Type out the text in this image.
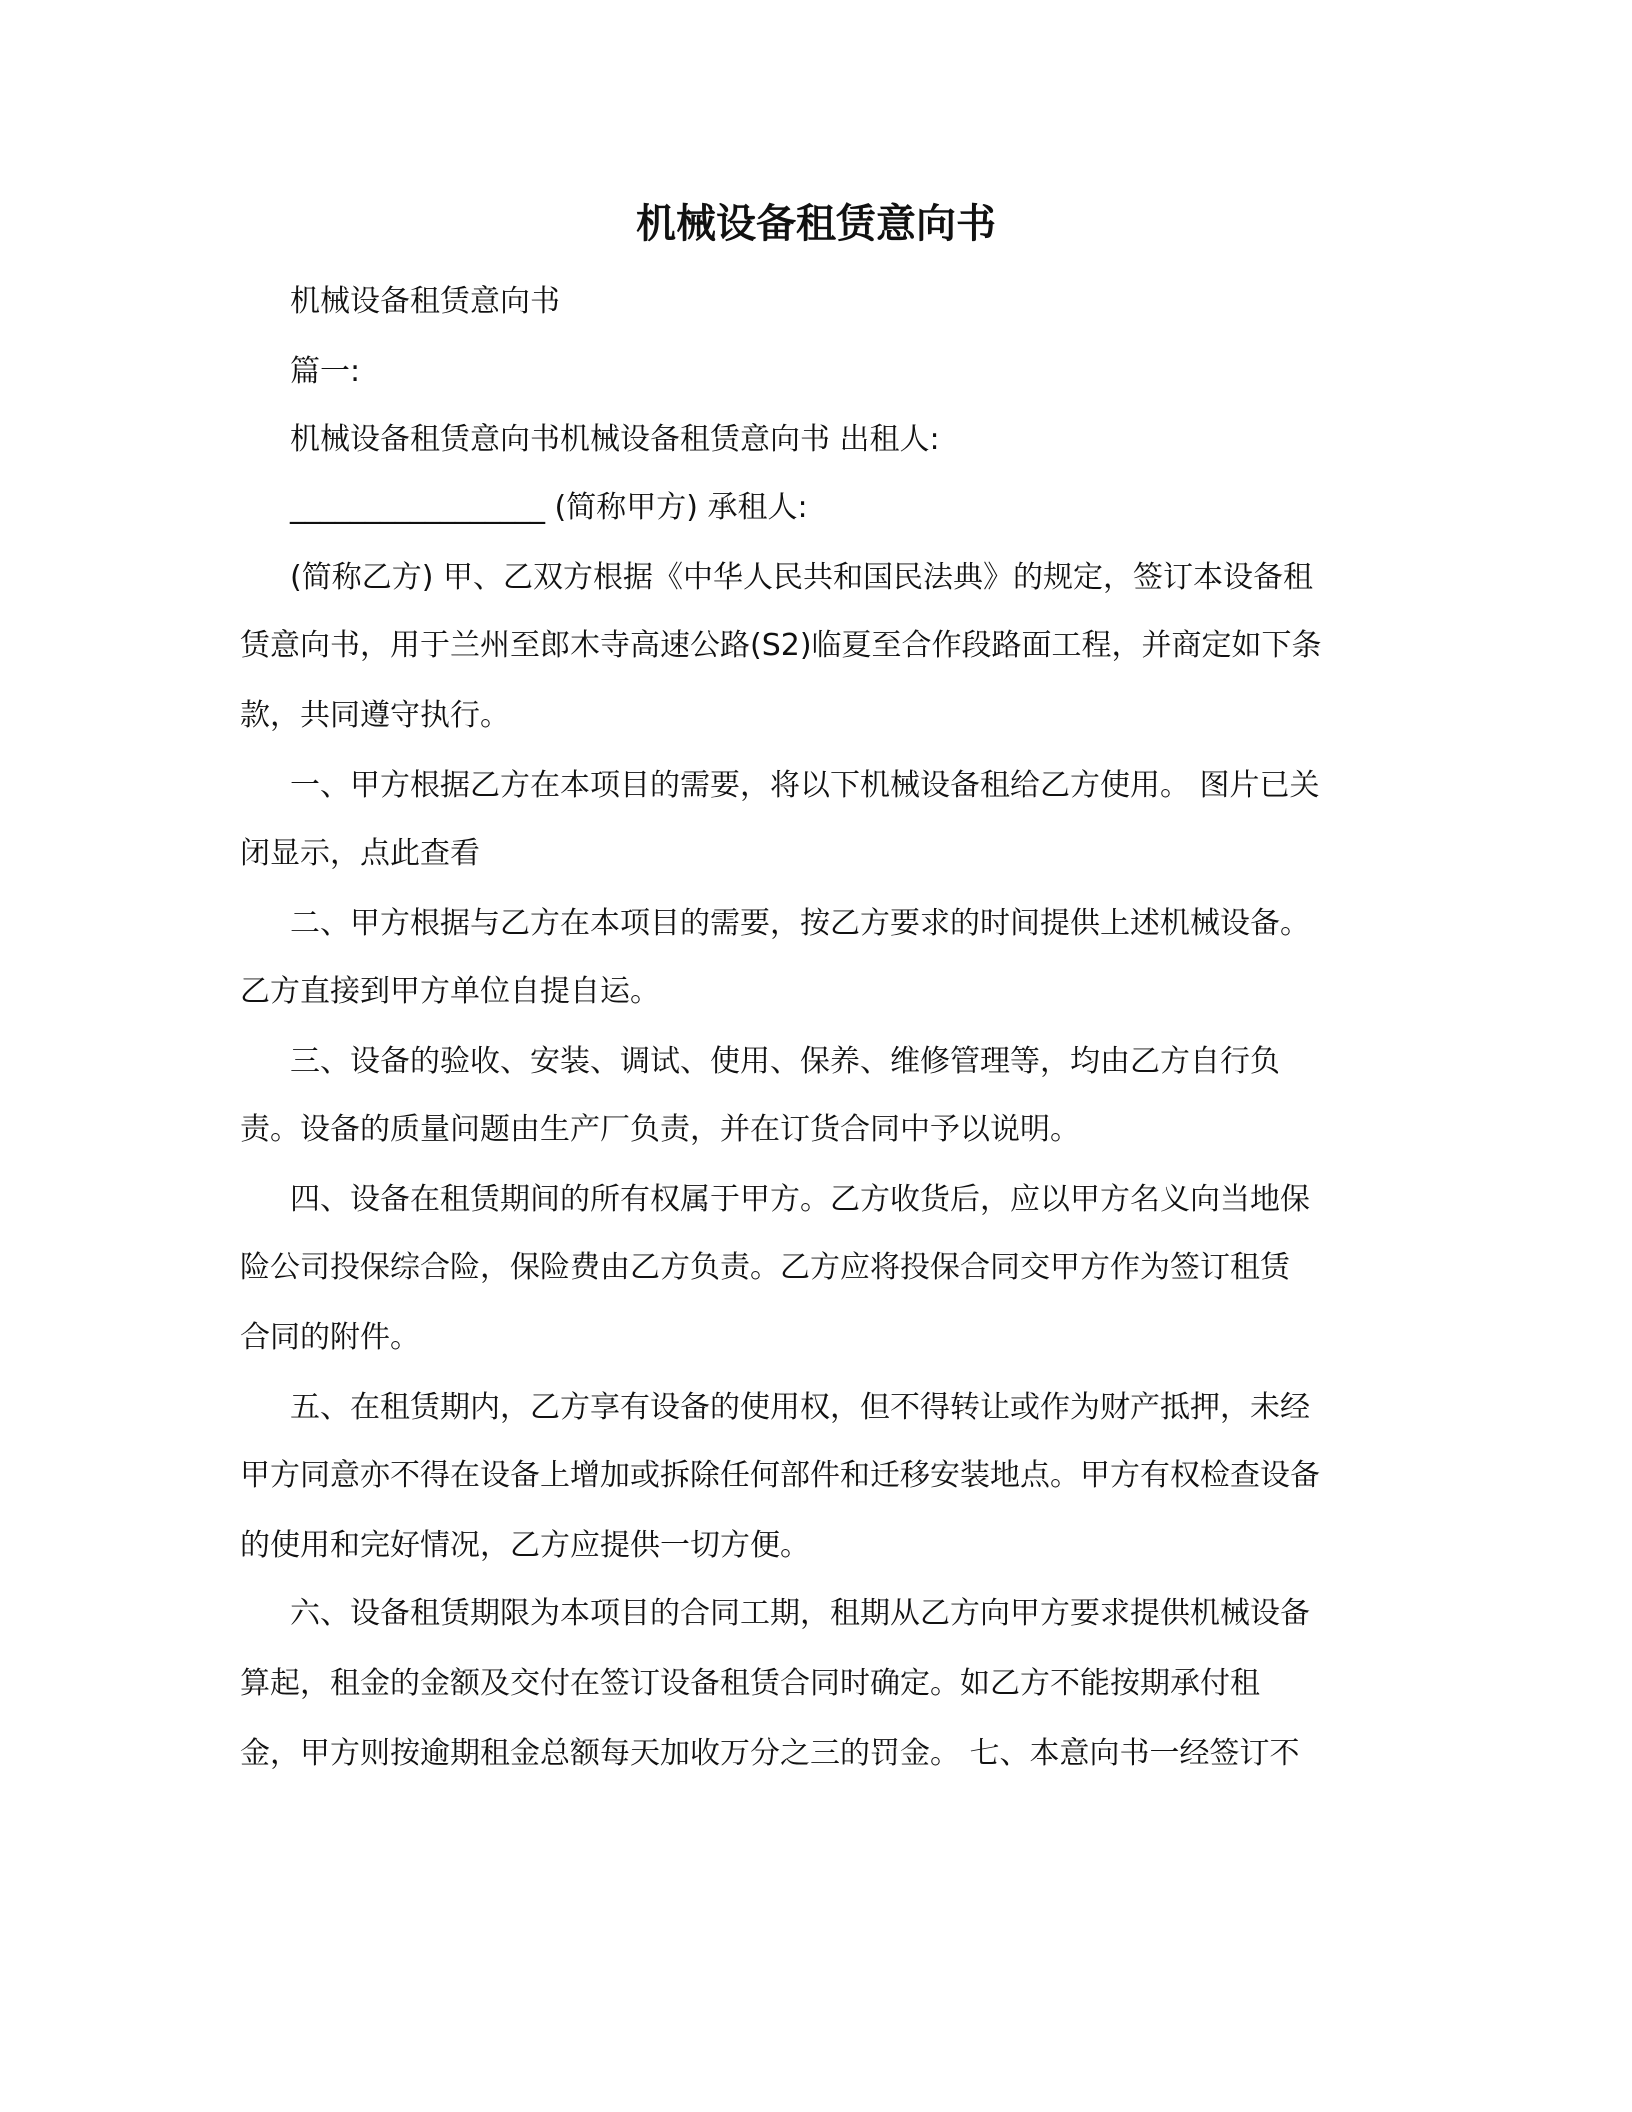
机械设备租赁意向书
机械设备租赁意向书
篇一:
机械设备租赁意向书机械设备租赁意向书 出租人:
_________________ (简称甲方) 承租人:
(简称乙方) 甲、乙双方根据《中华人民共和国民法典》的规定，签订本设备租
赁意向书，用于兰州至郎木寺高速公路(S2)临夏至合作段路面工程，并商定如下条
款，共同遵守执行。
一、甲方根据乙方在本项目的需要，将以下机械设备租给乙方使用。 图片已关
闭显示，点此查看
二、甲方根据与乙方在本项目的需要，按乙方要求的时间提供上述机械设备。
乙方直接到甲方单位自提自运。
三、设备的验收、安装、调试、使用、保养、维修管理等，均由乙方自行负
责。设备的质量问题由生产厂负责，并在订货合同中予以说明。
四、设备在租赁期间的所有权属于甲方。乙方收货后，应以甲方名义向当地保
险公司投保综合险，保险费由乙方负责。乙方应将投保合同交甲方作为签订租赁
合同的附件。
五、在租赁期内，乙方享有设备的使用权，但不得转让或作为财产抵押，未经
甲方同意亦不得在设备上增加或拆除任何部件和迁移安装地点。甲方有权检查设备
的使用和完好情况，乙方应提供一切方便。
六、设备租赁期限为本项目的合同工期，租期从乙方向甲方要求提供机械设备
算起，租金的金额及交付在签订设备租赁合同时确定。如乙方不能按期承付租
金，甲方则按逾期租金总额每天加收万分之三的罚金。 七、本意向书一经签订不
